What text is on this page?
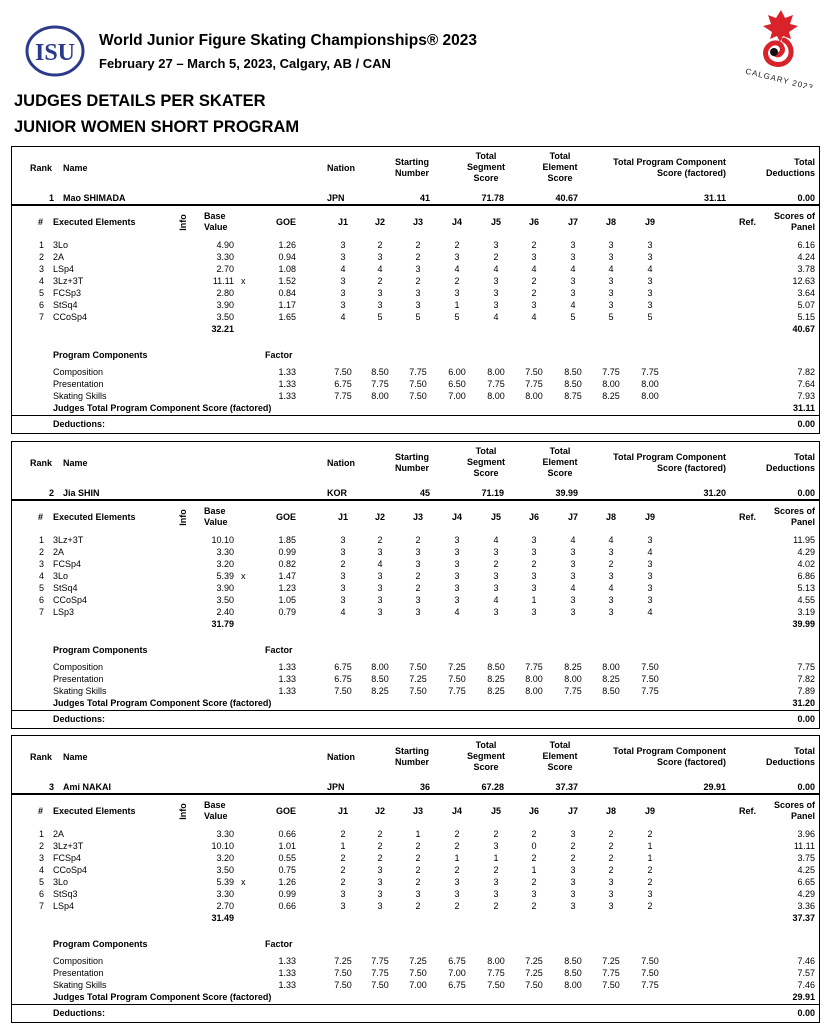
ISU World Junior Figure Skating Championships® 2023
February 27 – March 5, 2023, Calgary, AB / CAN
CALGARY 2023
JUDGES DETAILS PER SKATER
JUNIOR WOMEN SHORT PROGRAM
Rank Name	Nation
Starting Number
Total Segment Score
Total Element Score
Total Program Component Score (factored)
Total Deductions
1 Mao SHIMADA	JPN	41	71.78	40.67	31.11	0.00
# Executed Elements	Info Base Value	GOE	J1	J2	J3	J4	J5	J6	J7	J8	J9	Ref.
Scores of Panel
1 3Lo	4.90	1.26	3	2	2	2	3	2	3	3	3	6.16
2 2A	3.30	0.94	3	3	2	3	2	3	3	3	3	4.24
3 LSp4	2.70	1.08	4	4	3	4	4	4	4	4	4	3.78
4 3Lz+3T	11.11 x	1.52	3	2	2	2	3	2	3	3	3	12.63
5 FCSp3	2.80	0.84	3	3	3	3	3	2	3	3	3	3.64
6 StSq4	3.90	1.17	3	3	3	1	3	3	4	3	3	5.07
7 CCoSp4	3.50	1.65	4	5	5	5	4	4	5	5	5	5.15
32.21	40.67
Program Components	Factor
Composition	1.33	7.50	8.50	7.75	6.00	8.00	7.50	8.50	7.75	7.75	7.82
Presentation	1.33	6.75	7.75	7.50	6.50	7.75	7.75	8.50	8.00	8.00	7.64
Skating Skills	1.33	7.75	8.00	7.50	7.00	8.00	8.00	8.75	8.25	8.00	7.93
Judges Total Program Component Score (factored)	31.11
Deductions:	0.00
Rank Name	Nation
Starting Number
Total Segment Score
Total Element Score
Total Program Component Score (factored)
Total Deductions
2 Jia SHIN	KOR	45	71.19	39.99	31.20	0.00
# Executed Elements	Info Base Value	GOE	J1	J2	J3	J4	J5	J6	J7	J8	J9	Ref.
Scores of Panel
1 3Lz+3T	10.10	1.85	3	2	2	3	4	3	4	4	3	11.95
2 2A	3.30	0.99	3	3	3	3	3	3	3	3	4	4.29
3 FCSp4	3.20	0.82	2	4	3	3	2	2	3	2	3	4.02
4 3Lo	5.39 x	1.47	3	3	2	3	3	3	3	3	3	6.86
5 StSq4	3.90	1.23	3	3	2	3	3	3	4	4	3	5.13
6 CCoSp4	3.50	1.05	3	3	3	3	4	1	3	3	3	4.55
7 LSp3	2.40	0.79	4	3	3	4	3	3	3	3	4	3.19
31.79	39.99
Program Components	Factor
Composition	1.33	6.75	8.00	7.50	7.25	8.50	7.75	8.25	8.00	7.50	7.75
Presentation	1.33	6.75	8.50	7.25	7.50	8.25	8.00	8.00	8.25	7.50	7.82
Skating Skills	1.33	7.50	8.25	7.50	7.75	8.25	8.00	7.75	8.50	7.75	7.89
Judges Total Program Component Score (factored)	31.20
Deductions:	0.00
Rank Name	Nation
Starting Number
Total Segment Score
Total Element Score
Total Program Component Score (factored)
Total Deductions
3 Ami NAKAI	JPN	36	67.28	37.37	29.91	0.00
# Executed Elements	Info Base Value	GOE	J1	J2	J3	J4	J5	J6	J7	J8	J9	Ref.
Scores of Panel
1 2A	3.30	0.66	2	2	1	2	2	2	3	2	2	3.96
2 3Lz+3T	10.10	1.01	1	2	2	2	3	0	2	2	1	11.11
3 FCSp4	3.20	0.55	2	2	2	1	1	2	2	2	1	3.75
4 CCoSp4	3.50	0.75	2	3	2	2	2	1	3	2	2	4.25
5 3Lo	5.39 x	1.26	2	3	2	3	3	2	3	3	2	6.65
6 StSq3	3.30	0.99	3	3	3	3	3	3	3	3	3	4.29
7 LSp4	2.70	0.66	3	3	2	2	2	2	3	3	2	3.36
31.49	37.37
Program Components	Factor
Composition	1.33	7.25	7.75	7.25	6.75	8.00	7.25	8.50	7.25	7.50	7.46
Presentation	1.33	7.50	7.75	7.50	7.00	7.75	7.25	8.50	7.75	7.50	7.57
Skating Skills	1.33	7.50	7.50	7.00	6.75	7.50	7.50	8.00	7.50	7.75	7.46
Judges Total Program Component Score (factored)	29.91
Deductions:	0.00
